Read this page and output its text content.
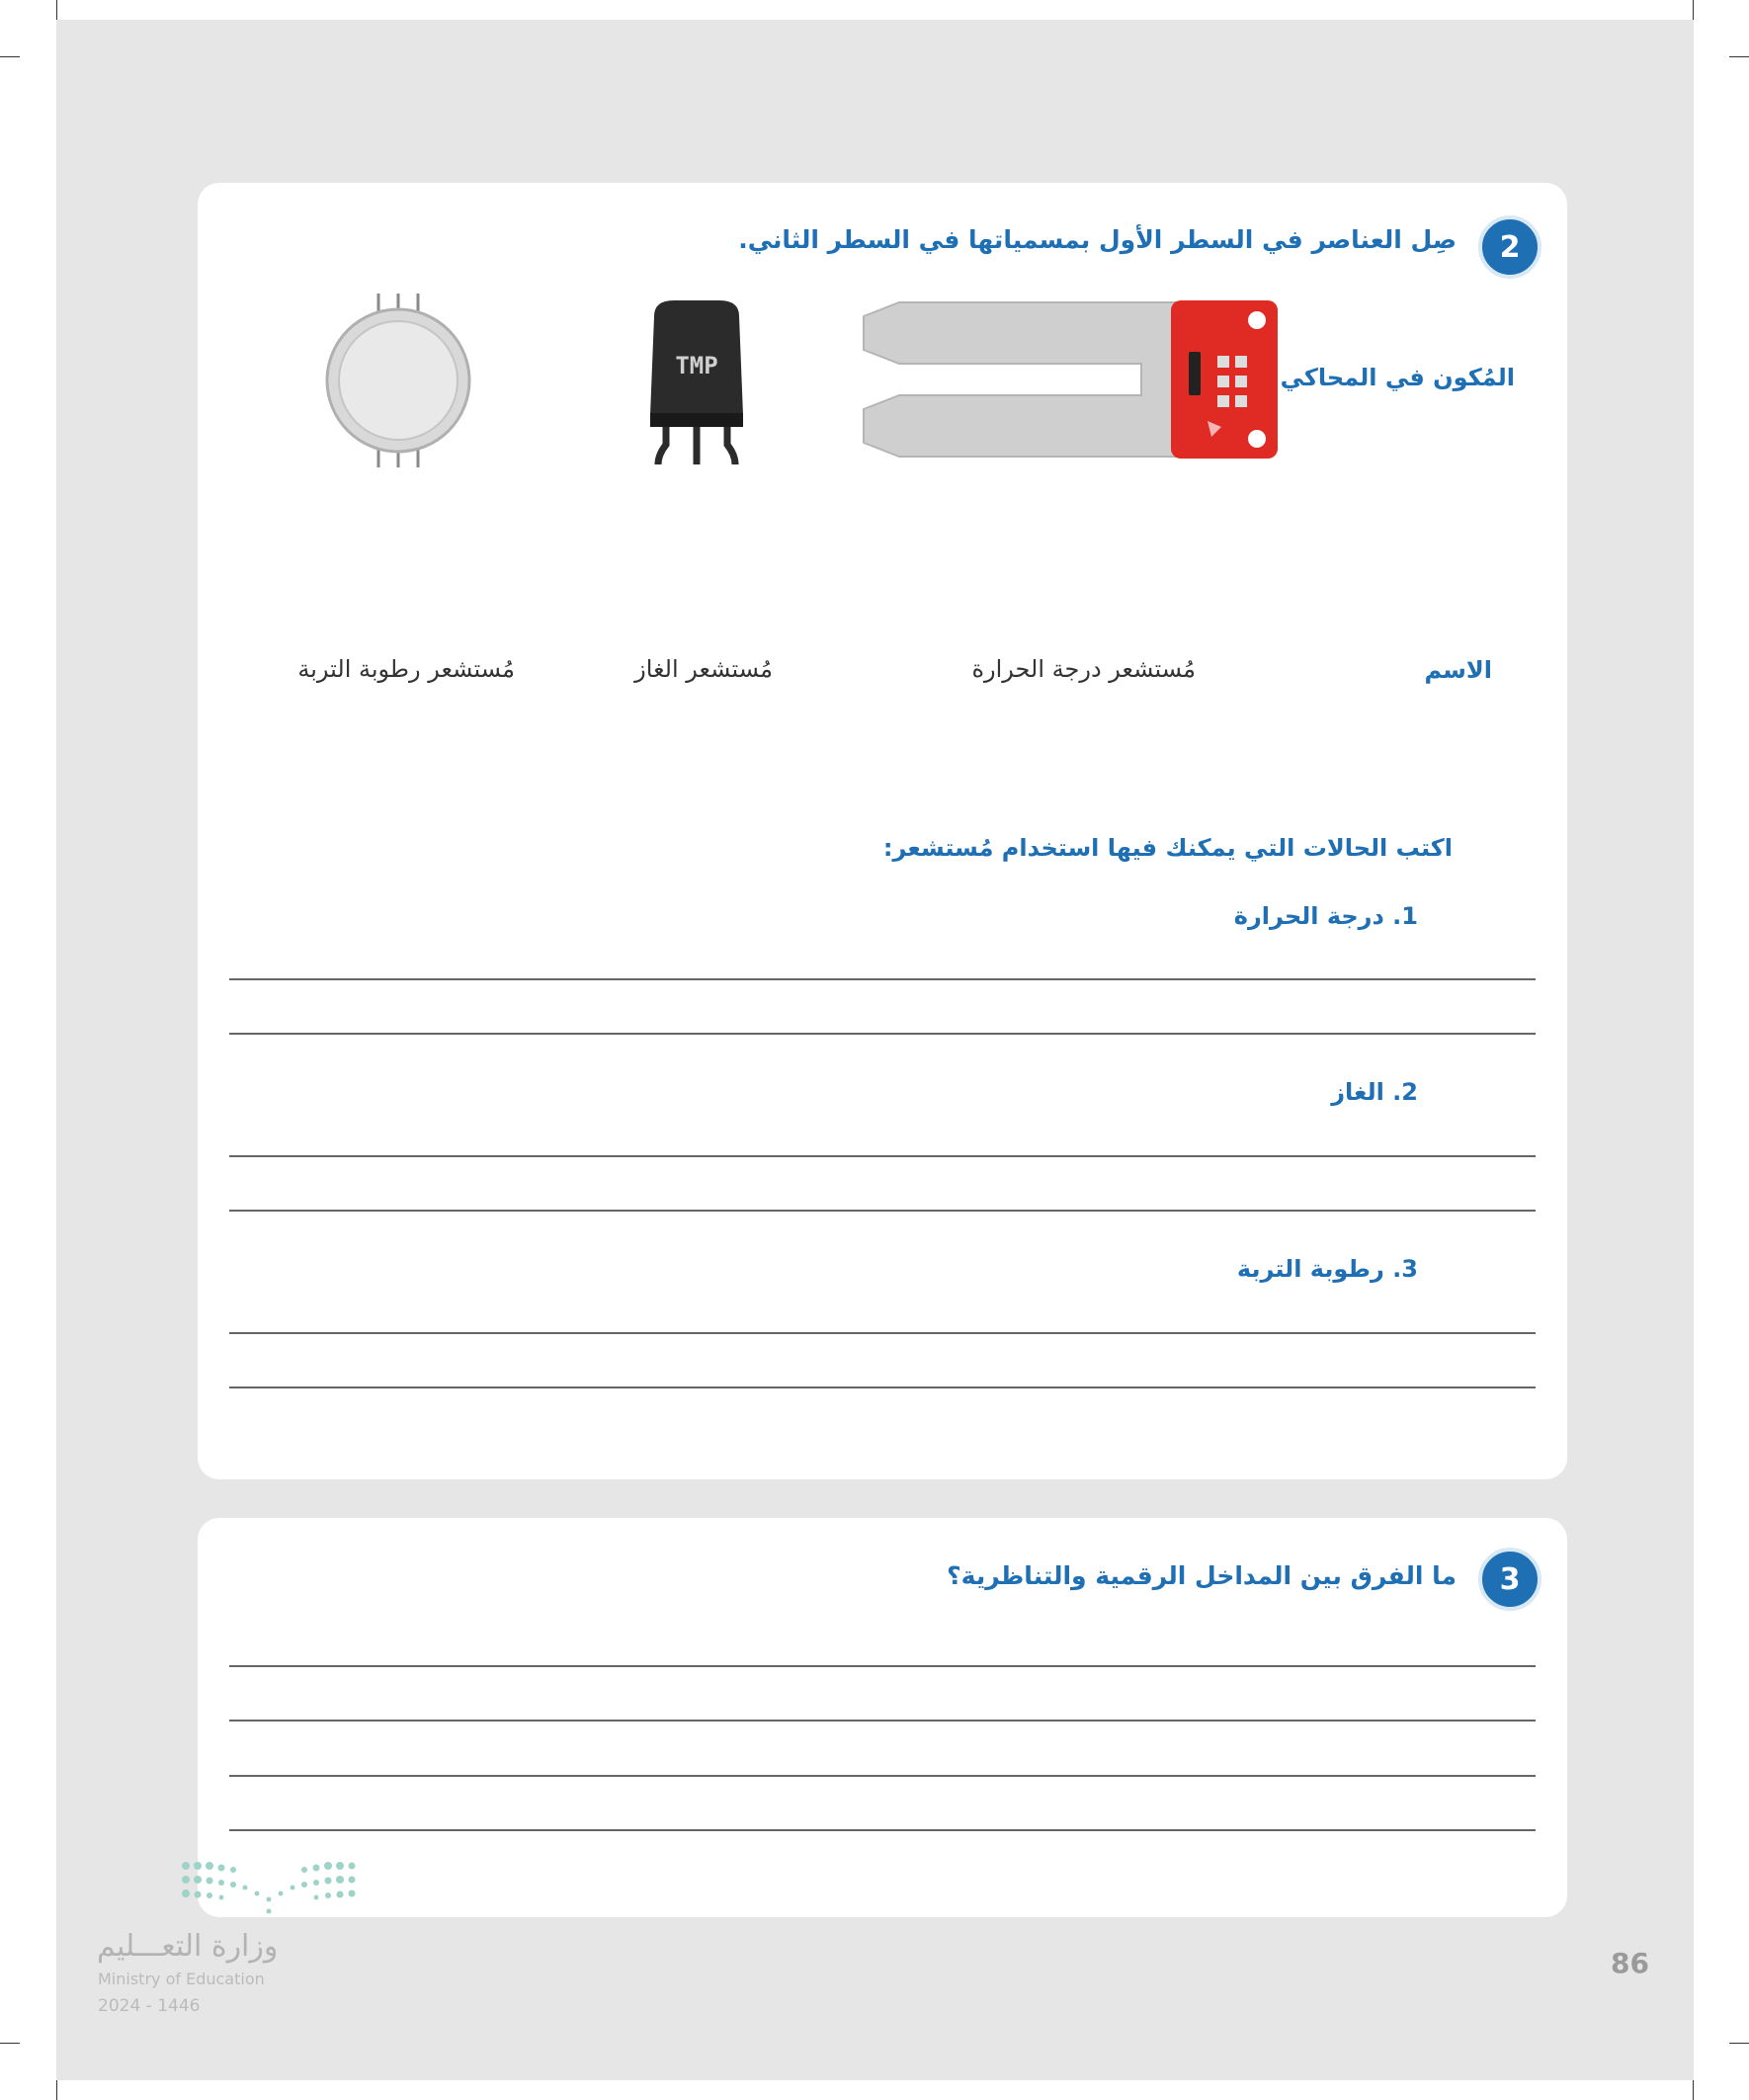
2
صِل العناصر في السطر الأول بمسمياتها في السطر الثاني.
المُكون في المحاكي
TMP
الاسم
مُستشعر درجة الحرارة
مُستشعر الغاز
مُستشعر رطوبة التربة
اكتب الحالات التي يمكنك فيها استخدام مُستشعر:
1. درجة الحرارة
2. الغاز
3. رطوبة التربة
3
ما الفرق بين المداخل الرقمية والتناظرية؟
وزارة التعـــليم
Ministry of Education
2024 - 1446
86
